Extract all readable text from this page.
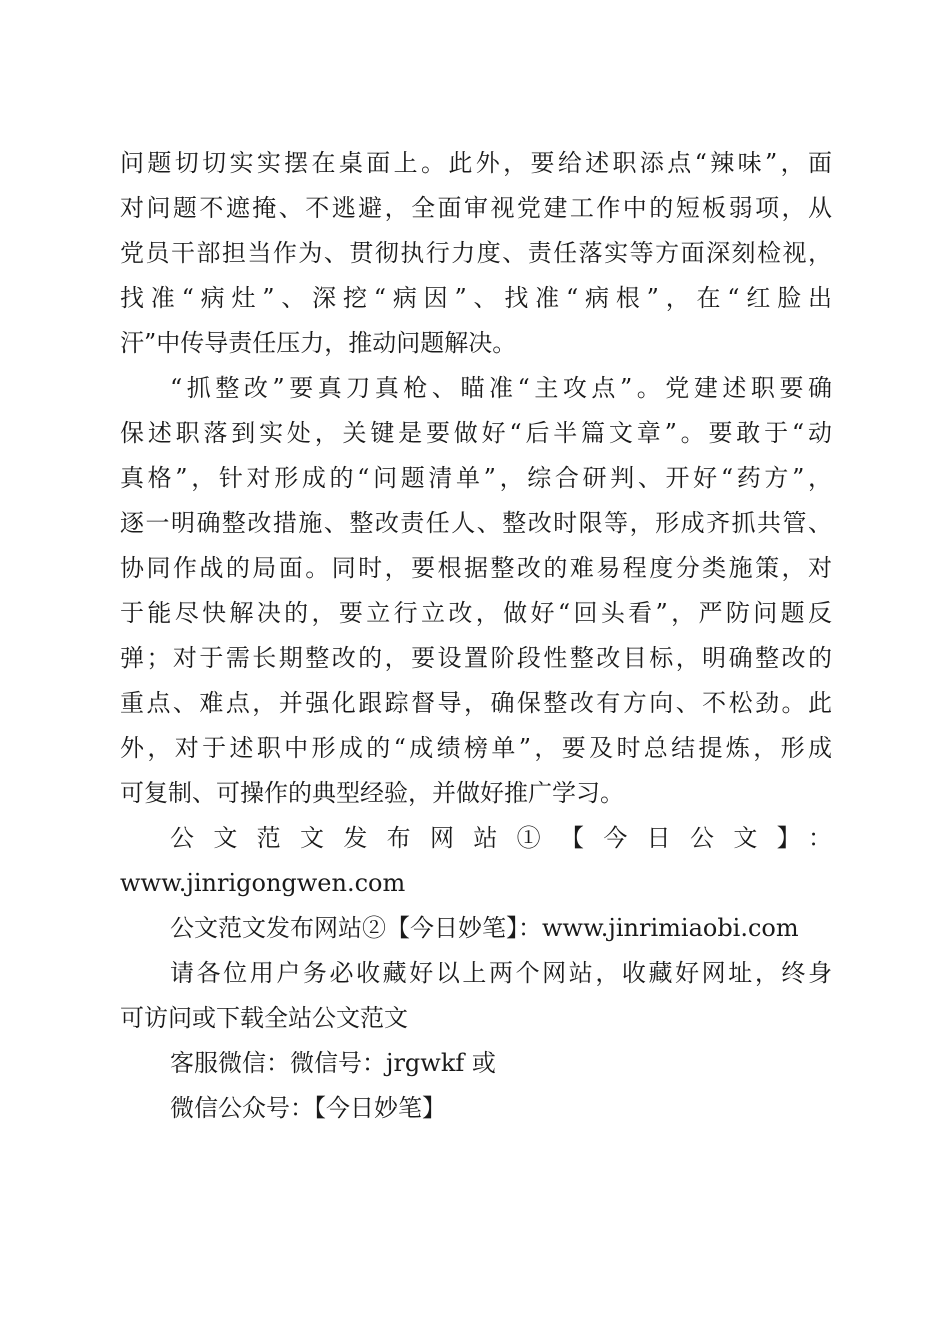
问题切切实实摆在桌面上。此外，要给述职添点“辣味”，面
对问题不遮掩、不逃避，全面审视党建工作中的短板弱项，从
党员干部担当作为、贯彻执行力度、责任落实等方面深刻检视，
找准“病灶”、深挖“病因”、找准“病根”，在“红脸出
汗”中传导责任压力，推动问题解决。
“抓整改”要真刀真枪、瞄准“主攻点”。党建述职要确
保述职落到实处，关键是要做好“后半篇文章”。要敢于“动
真格”，针对形成的“问题清单”，综合研判、开好“药方”，
逐一明确整改措施、整改责任人、整改时限等，形成齐抓共管、
协同作战的局面。同时，要根据整改的难易程度分类施策，对
于能尽快解决的，要立行立改，做好“回头看”，严防问题反
弹；对于需长期整改的，要设置阶段性整改目标，明确整改的
重点、难点，并强化跟踪督导，确保整改有方向、不松劲。此
外，对于述职中形成的“成绩榜单”，要及时总结提炼，形成
可复制、可操作的典型经验，并做好推广学习。
公文范文发布网站①【今日公文】：
www.jinrigongwen.com
公文范文发布网站②【今日妙笔】：www.jinrimiaobi.com
请各位用户务必收藏好以上两个网站，收藏好网址，终身
可访问或下载全站公文范文
客服微信：微信号：jrgwkf 或
微信公众号：【今日妙笔】
